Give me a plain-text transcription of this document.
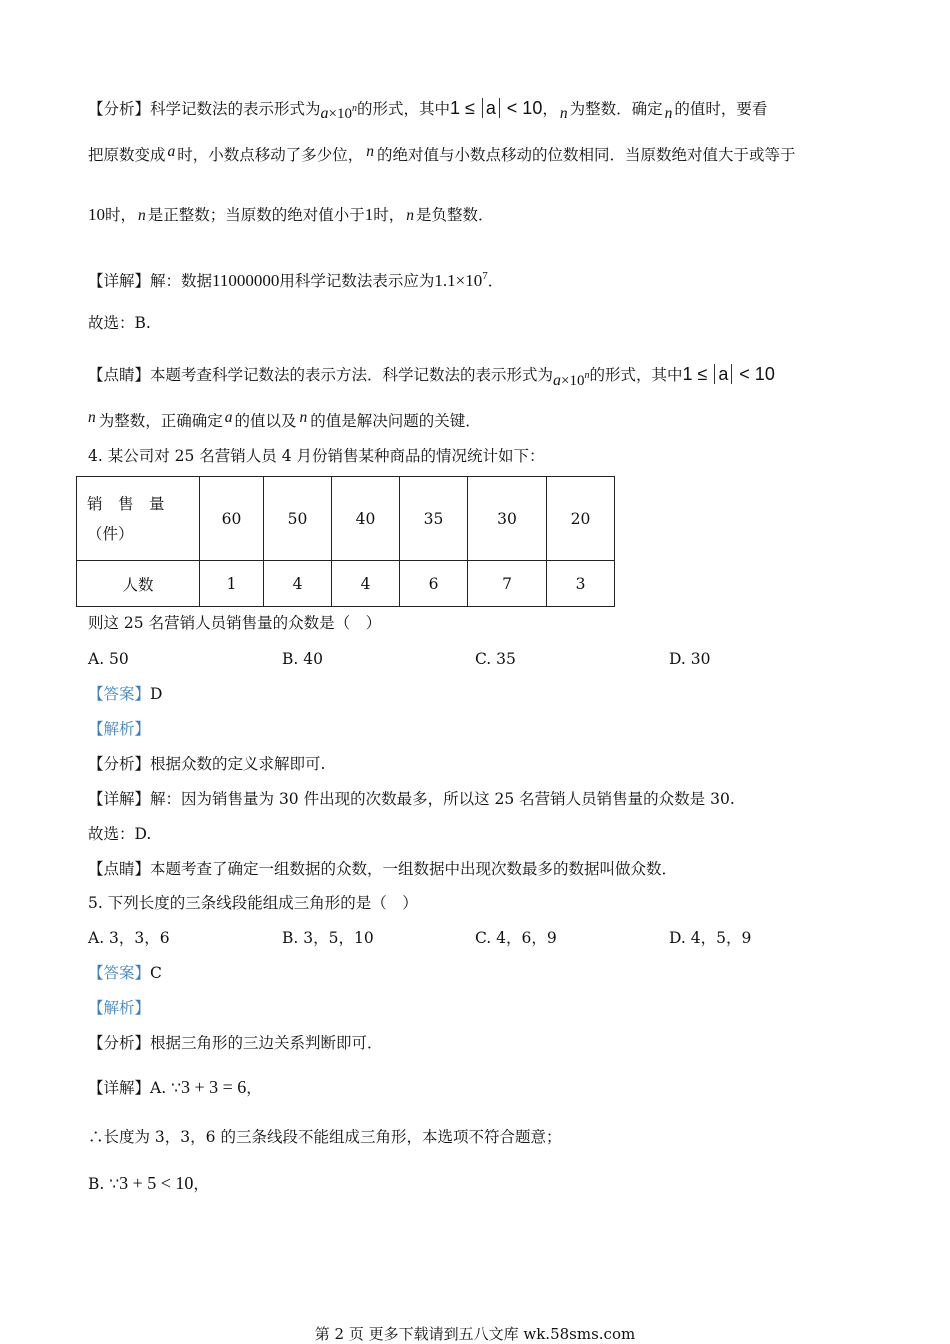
【分析】科学记数法的表示形式为$a\times 10^n$的形式，其中1 ≤ a < 10， n 为整数．确定 n 的值时，要看
把原数变成 a 时，小数点移动了多少位， n 的绝对值与小数点移动的位数相同．当原数绝对值大于或等于
10时， n 是正整数；当原数的绝对值小于1时， n 是负整数．
【详解】解：数据11000000用科学记数法表示应为$1.1\times 10^7$．
故选：B.
【点睛】本题考查科学记数法的表示方法．科学记数法的表示形式为$a\times 10^n$的形式，其中1 ≤ a < 10
n 为整数，正确确定 a 的值以及 n 的值是解决问题的关键．
4. 某公司对 25 名营销人员 4 月份销售某种商品的情况统计如下：
销　售　量
（件）	60	50	40	35	30	20
人数	1	4	4	6	7	3
则这 25 名营销人员销售量的众数是（　）
A. 50	B. 40	C. 35	D. 30
【答案】D
【解析】
【分析】根据众数的定义求解即可.
【详解】解：因为销售量为 30 件出现的次数最多，所以这 25 名营销人员销售量的众数是 30.
故选：D.
【点睛】本题考查了确定一组数据的众数，一组数据中出现次数最多的数据叫做众数．
5. 下列长度的三条线段能组成三角形的是（　）
A. 3，3，6	B. 3，5，10	C. 4，6，9	D. 4，5，9
【答案】C
【解析】
【分析】根据三角形的三边关系判断即可．
【详解】A. ∵3 + 3 = 6，
∴长度为 3，3，6 的三条线段不能组成三角形，本选项不符合题意；
B. ∵3 + 5 < 10，
第 2 页 更多下载请到五八文库 wk.58sms.com
